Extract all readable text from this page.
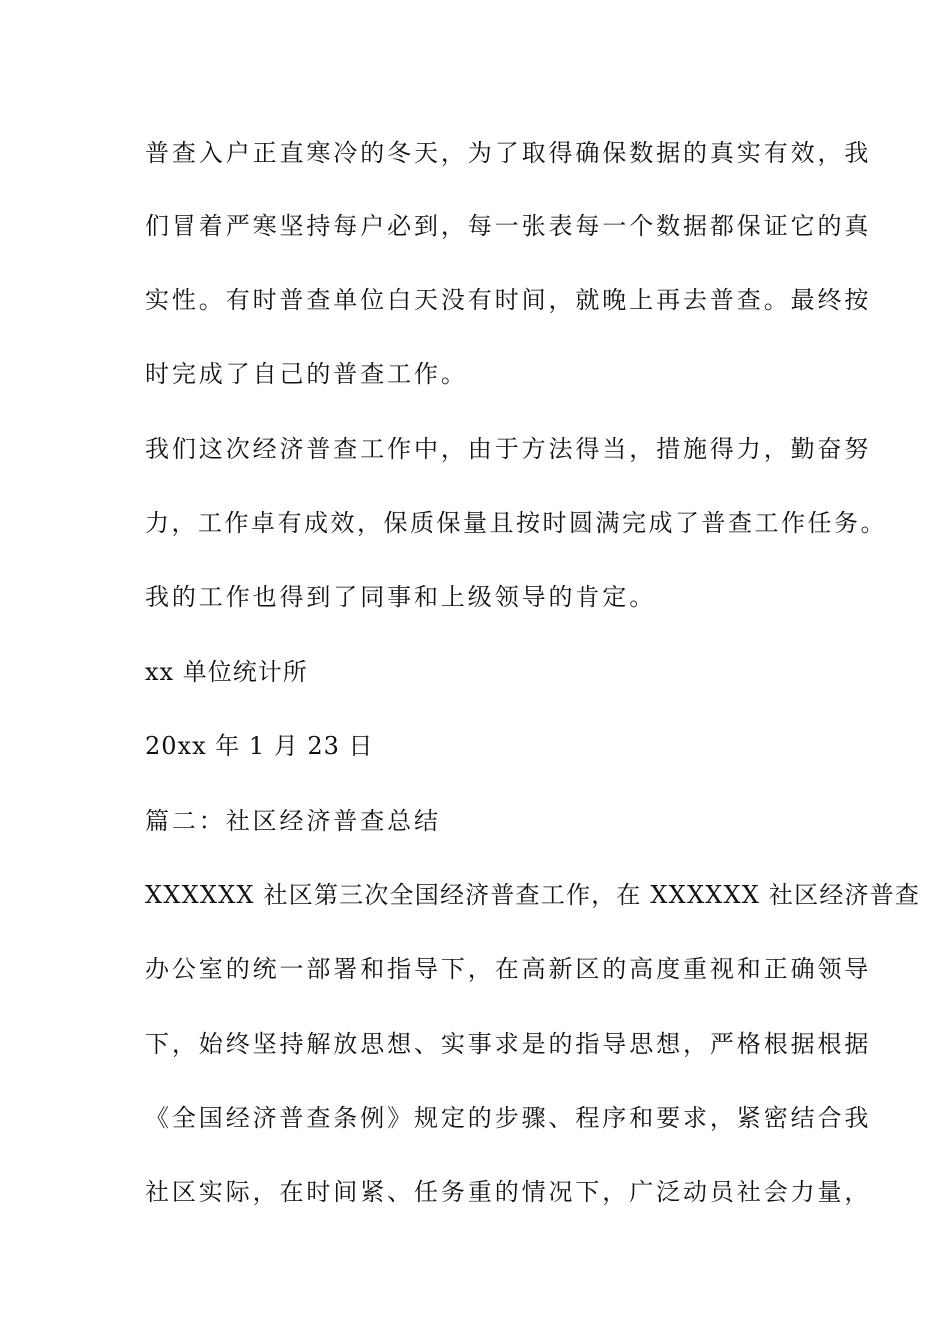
普查入户正直寒冷的冬天，为了取得确保数据的真实有效，我

们冒着严寒坚持每户必到，每一张表每一个数据都保证它的真

实性。有时普查单位白天没有时间，就晚上再去普查。最终按

时完成了自己的普查工作。

我们这次经济普查工作中，由于方法得当，措施得力，勤奋努

力，工作卓有成效，保质保量且按时圆满完成了普查工作任务。

我的工作也得到了同事和上级领导的肯定。

xx 单位统计所

20xx 年 1 月 23 日

篇二：社区经济普查总结

XXXXXX 社区第三次全国经济普查工作，在 XXXXXX 社区经济普查

办公室的统一部署和指导下，在高新区的高度重视和正确领导

下，始终坚持解放思想、实事求是的指导思想，严格根据根据

《全国经济普查条例》规定的步骤、程序和要求，紧密结合我

社区实际，在时间紧、任务重的情况下，广泛动员社会力量，
